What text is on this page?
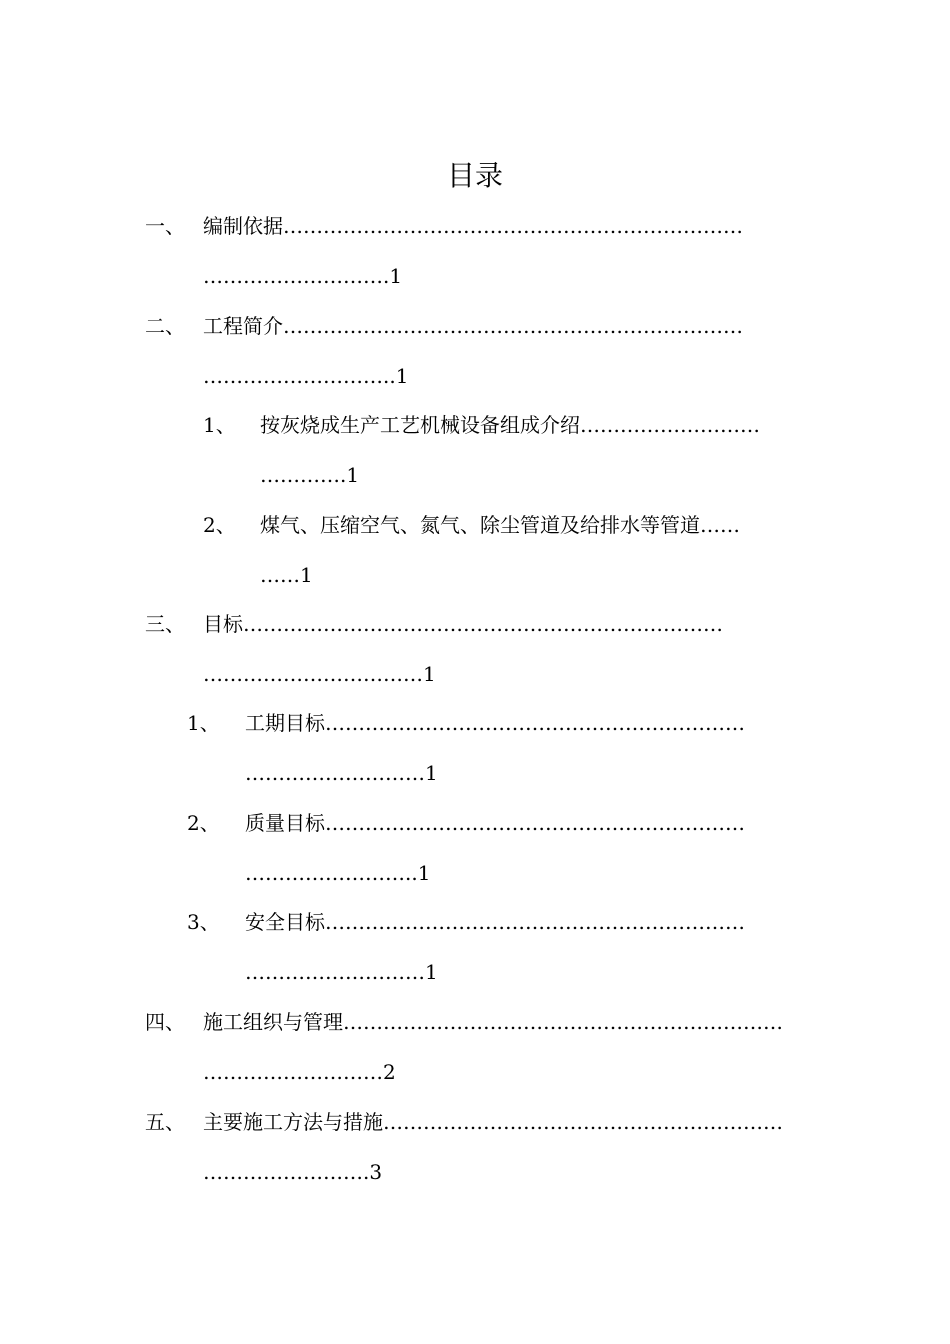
目录
一、 编制依据……………………………………………………………
……………………….1
二、 工程简介……………………………………………………………
………………………..1
1、 按灰烧成生产工艺机械设备组成介绍………………………
………….1
2、 煤气、压缩空气、氮气、除尘管道及给排水等管道……
……1
三、 目标………………………………………………………………
……………………………1
1、 工期目标………………………………………………………
………………………1
2、 质量目标………………………………………………………
……………………..1
3、 安全目标………………………………………………………
………………………1
四、 施工组织与管理…………………………………………………………
………………………2
五、 主要施工方法与措施……………………………………………………
…………………….3
